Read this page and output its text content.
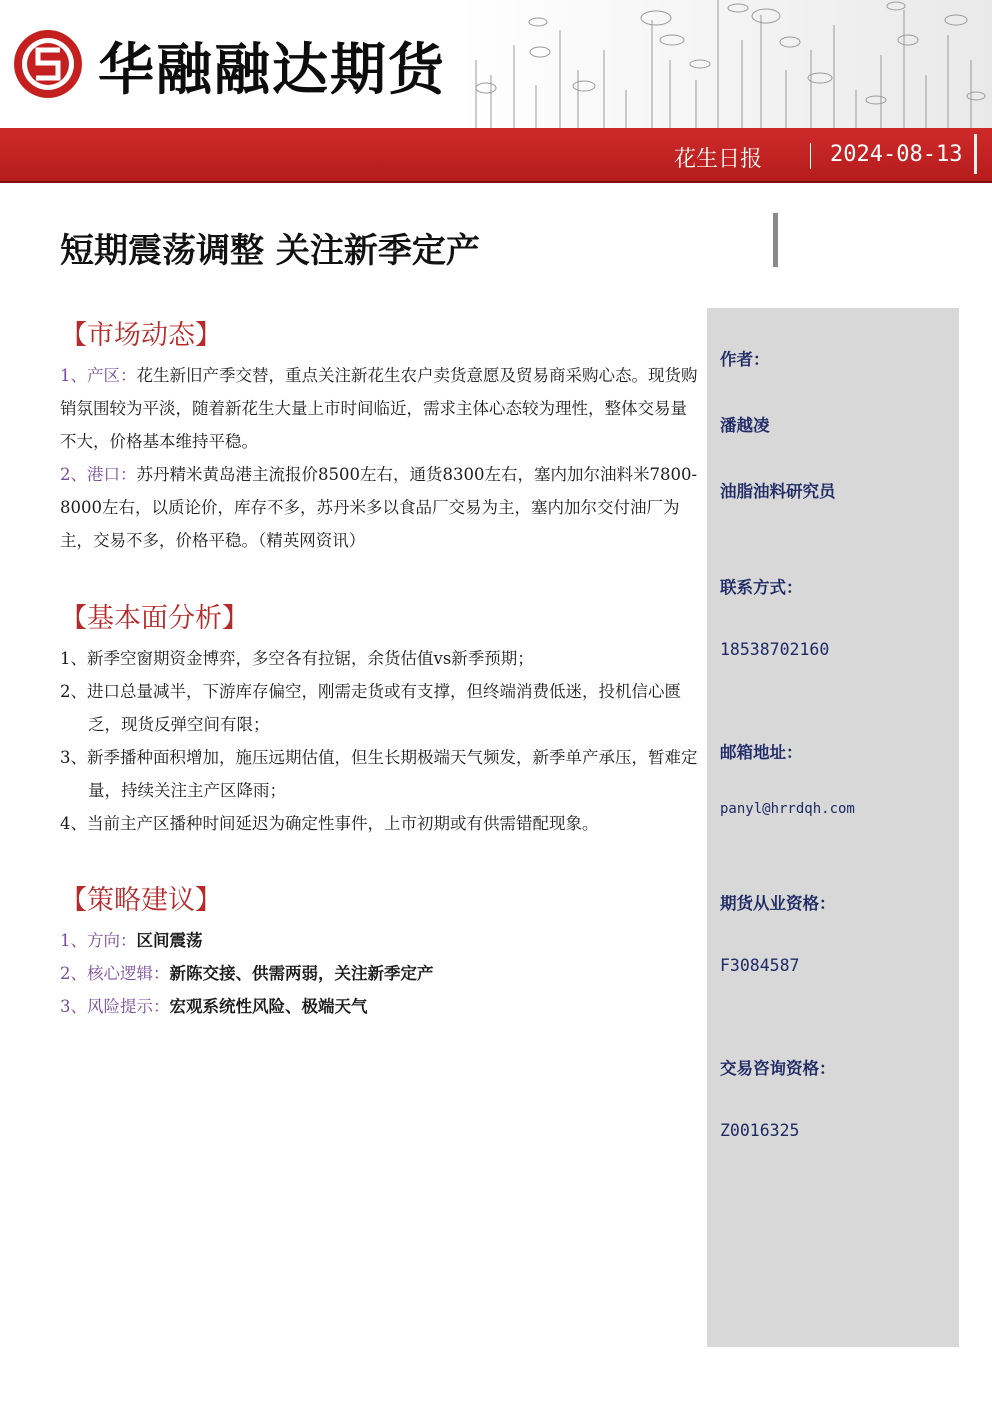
华融融达期货
花生日报	2024-08-13
短期震荡调整 关注新季定产
【市场动态】

1、产区：花生新旧产季交替，重点关注新花生农户卖货意愿及贸易商采购心态。现货购销氛围较为平淡，随着新花生大量上市时间临近，需求主体心态较为理性，整体交易量不大，价格基本维持平稳。

2、港口：苏丹精米黄岛港主流报价8500左右，通货8300左右，塞内加尔油料米7800-8000左右，以质论价，库存不多，苏丹米多以食品厂交易为主，塞内加尔交付油厂为主，交易不多，价格平稳。（精英网资讯）

【基本面分析】

1、新季空窗期资金博弈，多空各有拉锯，余货估值vs新季预期；

2、进口总量减半，下游库存偏空，刚需走货或有支撑，但终端消费低迷，投机信心匮乏，现货反弹空间有限；

3、新季播种面积增加，施压远期估值，但生长期极端天气频发，新季单产承压，暂难定量，持续关注主产区降雨；

4、当前主产区播种时间延迟为确定性事件，上市初期或有供需错配现象。

【策略建议】

1、方向：区间震荡

2、核心逻辑：新陈交接、供需两弱，关注新季定产

3、风险提示：宏观系统性风险、极端天气

作者：
潘越凌
油脂油料研究员
联系方式：
18538702160
邮箱地址：
panyl@hrrdqh.com
期货从业资格：
F3084587
交易咨询资格：
Z0016325
